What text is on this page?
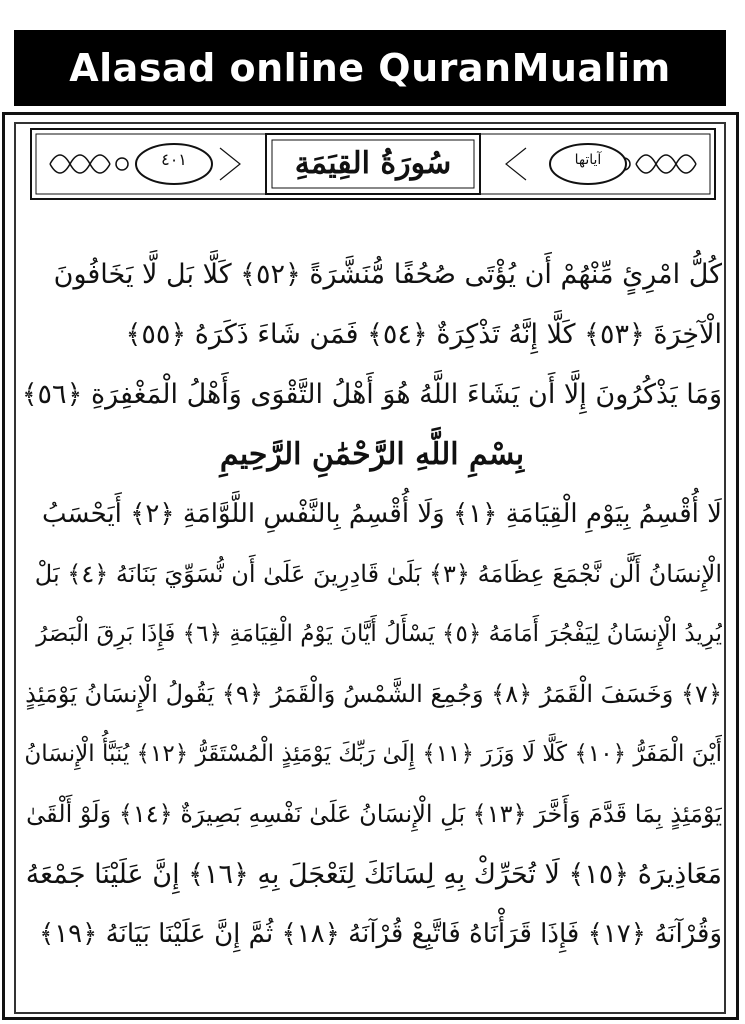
Alasad online QuranMualim
٤٠١	سُورَةُ القِيَمَةِ	آياتها
كُلُّ امْرِئٍ مِّنْهُمْ أَن يُؤْتَى صُحُفًا مُّنَشَّرَةً ﴿٥٢﴾ كَلَّا بَل لَّا يَخَافُونَ
الْآخِرَةَ ﴿٥٣﴾ كَلَّا إِنَّهُ تَذْكِرَةٌ ﴿٥٤﴾ فَمَن شَاءَ ذَكَرَهُ ﴿٥٥﴾
وَمَا يَذْكُرُونَ إِلَّا أَن يَشَاءَ اللَّهُ هُوَ أَهْلُ التَّقْوَى وَأَهْلُ الْمَغْفِرَةِ ﴿٥٦﴾
بِسْمِ اللَّهِ الرَّحْمَٰنِ الرَّحِيمِ
لَا أُقْسِمُ بِيَوْمِ الْقِيَامَةِ ﴿١﴾ وَلَا أُقْسِمُ بِالنَّفْسِ اللَّوَّامَةِ ﴿٢﴾ أَيَحْسَبُ
الْإِنسَانُ أَلَّن نَّجْمَعَ عِظَامَهُ ﴿٣﴾ بَلَىٰ قَادِرِينَ عَلَىٰ أَن نُّسَوِّيَ بَنَانَهُ ﴿٤﴾ بَلْ
يُرِيدُ الْإِنسَانُ لِيَفْجُرَ أَمَامَهُ ﴿٥﴾ يَسْأَلُ أَيَّانَ يَوْمُ الْقِيَامَةِ ﴿٦﴾ فَإِذَا بَرِقَ الْبَصَرُ
﴿٧﴾ وَخَسَفَ الْقَمَرُ ﴿٨﴾ وَجُمِعَ الشَّمْسُ وَالْقَمَرُ ﴿٩﴾ يَقُولُ الْإِنسَانُ يَوْمَئِذٍ
أَيْنَ الْمَفَرُّ ﴿١٠﴾ كَلَّا لَا وَزَرَ ﴿١١﴾ إِلَىٰ رَبِّكَ يَوْمَئِذٍ الْمُسْتَقَرُّ ﴿١٢﴾ يُنَبَّأُ الْإِنسَانُ
يَوْمَئِذٍ بِمَا قَدَّمَ وَأَخَّرَ ﴿١٣﴾ بَلِ الْإِنسَانُ عَلَىٰ نَفْسِهِ بَصِيرَةٌ ﴿١٤﴾ وَلَوْ أَلْقَىٰ
مَعَاذِيرَهُ ﴿١٥﴾ لَا تُحَرِّكْ بِهِ لِسَانَكَ لِتَعْجَلَ بِهِ ﴿١٦﴾ إِنَّ عَلَيْنَا جَمْعَهُ
وَقُرْآنَهُ ﴿١٧﴾ فَإِذَا قَرَأْنَاهُ فَاتَّبِعْ قُرْآنَهُ ﴿١٨﴾ ثُمَّ إِنَّ عَلَيْنَا بَيَانَهُ ﴿١٩﴾
